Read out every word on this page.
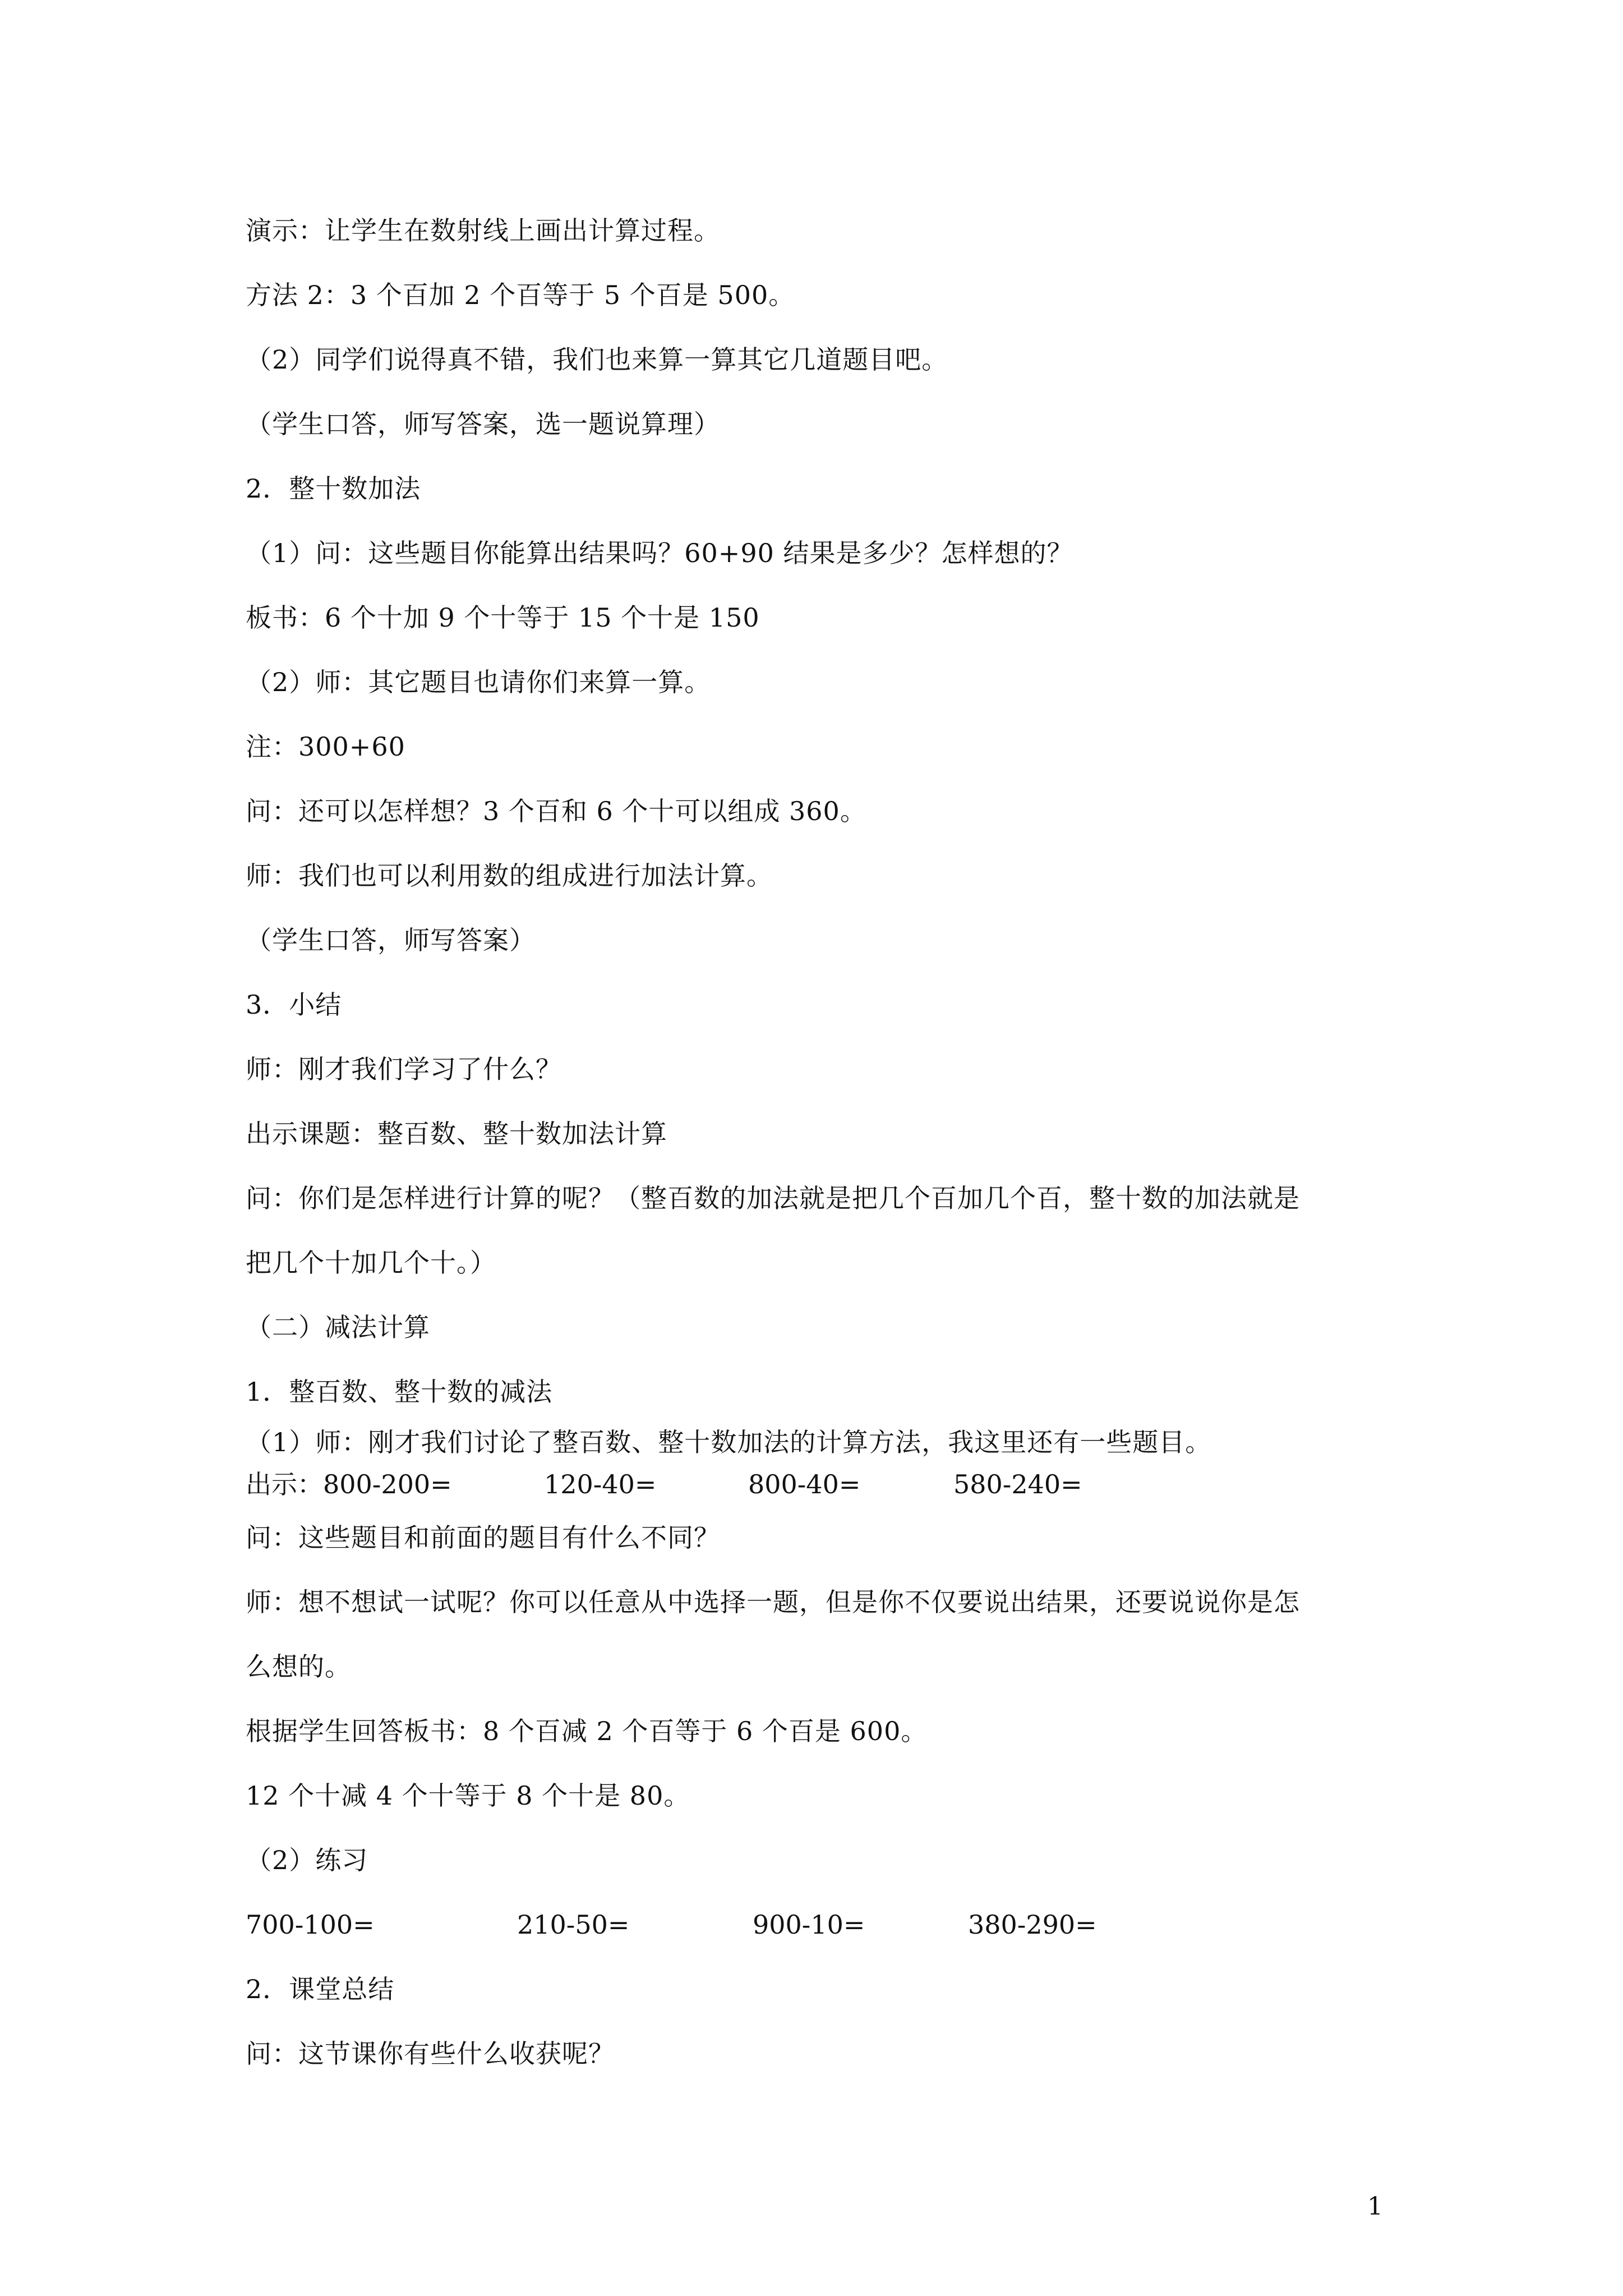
演示：让学生在数射线上画出计算过程。
方法 2：3 个百加 2 个百等于 5 个百是 500。
（2）同学们说得真不错，我们也来算一算其它几道题目吧。
（学生口答，师写答案，选一题说算理）
2．整十数加法
（1）问：这些题目你能算出结果吗？60+90 结果是多少？怎样想的？
板书：6 个十加 9 个十等于 15 个十是 150
（2）师：其它题目也请你们来算一算。
注：300+60
问：还可以怎样想？3 个百和 6 个十可以组成 360。
师：我们也可以利用数的组成进行加法计算。
（学生口答，师写答案）
3．小结
师：刚才我们学习了什么？
出示课题：整百数、整十数加法计算
问：你们是怎样进行计算的呢？（整百数的加法就是把几个百加几个百，整十数的加法就是
把几个十加几个十。）
（二）减法计算
1．整百数、整十数的减法
（1）师：刚才我们讨论了整百数、整十数加法的计算方法，我这里还有一些题目。
出示：800-200=	120-40=	800-40=	580-240=
问：这些题目和前面的题目有什么不同？
师：想不想试一试呢？你可以任意从中选择一题，但是你不仅要说出结果，还要说说你是怎
么想的。
根据学生回答板书：8 个百减 2 个百等于 6 个百是 600。
12 个十减 4 个十等于 8 个十是 80。
（2）练习
700-100=	210-50=	900-10=	380-290=
2．课堂总结
问：这节课你有些什么收获呢？
1
